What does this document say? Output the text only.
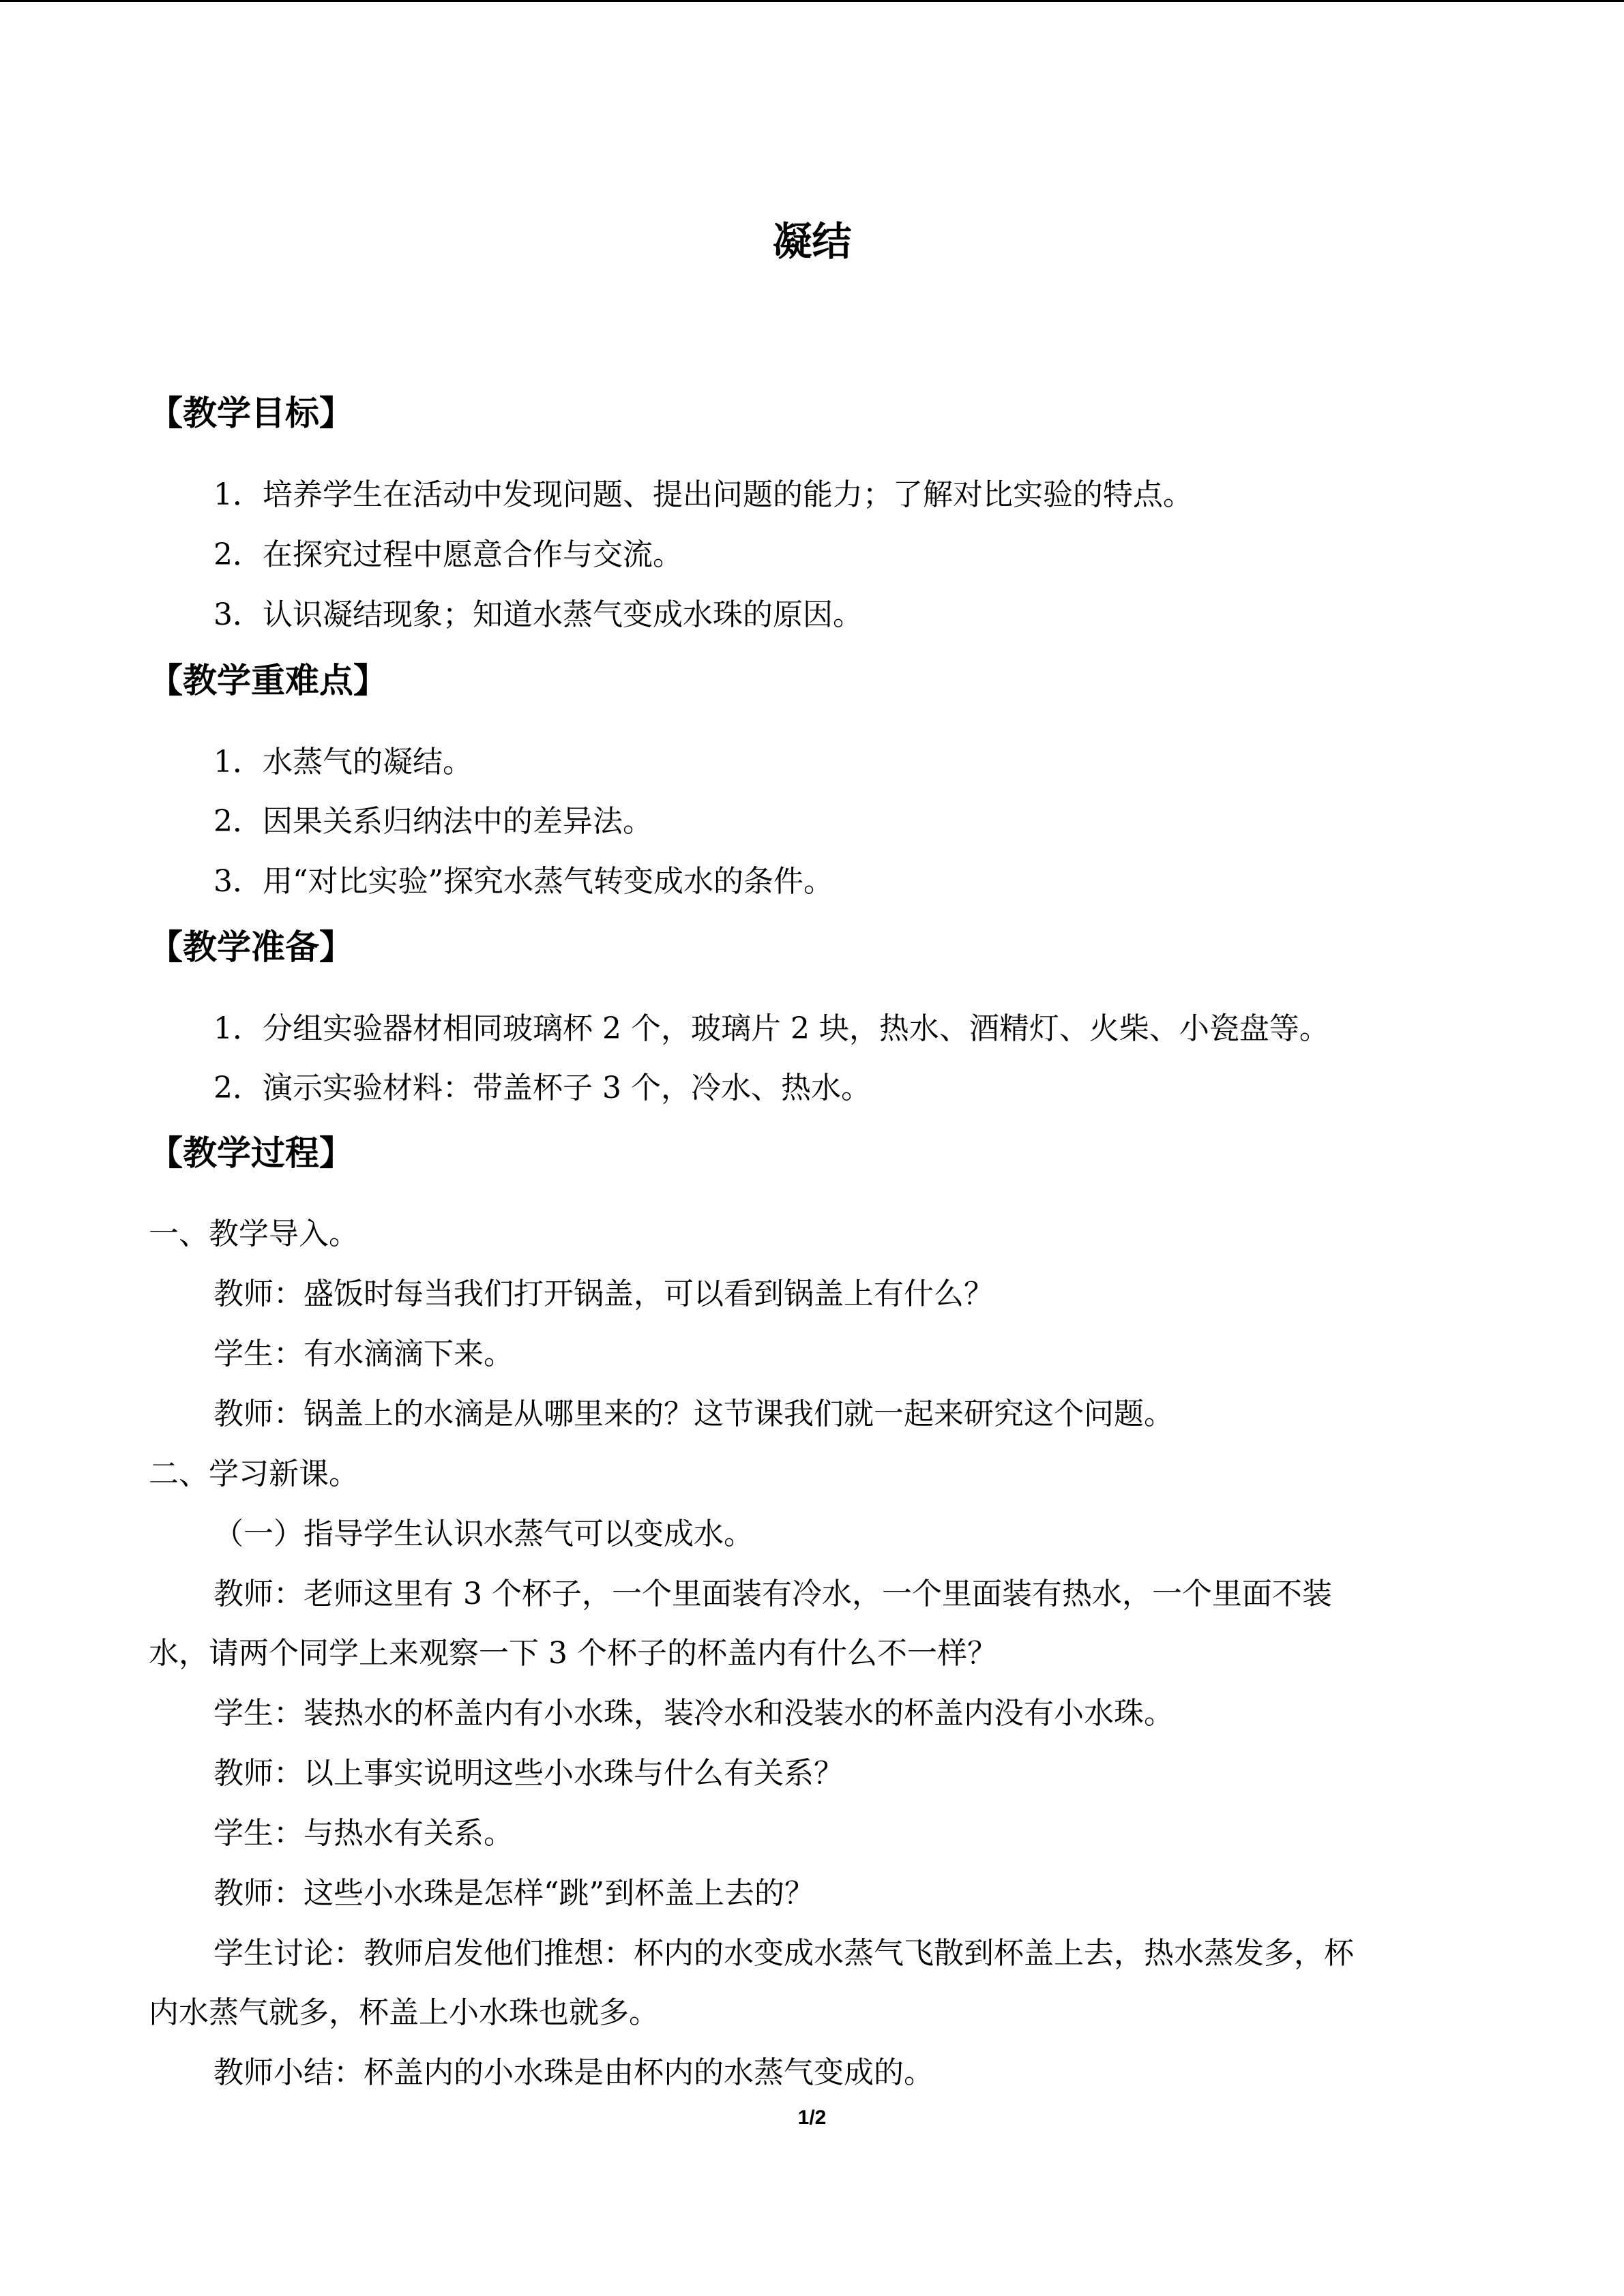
凝结
【教学目标】
1．培养学生在活动中发现问题、提出问题的能力；了解对比实验的特点。
2．在探究过程中愿意合作与交流。
3．认识凝结现象；知道水蒸气变成水珠的原因。
【教学重难点】
1．水蒸气的凝结。
2．因果关系归纳法中的差异法。
3．用“对比实验”探究水蒸气转变成水的条件。
【教学准备】
1．分组实验器材相同玻璃杯 2 个，玻璃片 2 块，热水、酒精灯、火柴、小瓷盘等。
2．演示实验材料：带盖杯子 3 个，冷水、热水。
【教学过程】
一、教学导入。
教师：盛饭时每当我们打开锅盖，可以看到锅盖上有什么？
学生：有水滴滴下来。
教师：锅盖上的水滴是从哪里来的？这节课我们就一起来研究这个问题。
二、学习新课。
（一）指导学生认识水蒸气可以变成水。
教师：老师这里有 3 个杯子，一个里面装有冷水，一个里面装有热水，一个里面不装
水，请两个同学上来观察一下 3 个杯子的杯盖内有什么不一样？
学生：装热水的杯盖内有小水珠，装冷水和没装水的杯盖内没有小水珠。
教师：以上事实说明这些小水珠与什么有关系？
学生：与热水有关系。
教师：这些小水珠是怎样“跳”到杯盖上去的？
学生讨论：教师启发他们推想：杯内的水变成水蒸气飞散到杯盖上去，热水蒸发多，杯
内水蒸气就多，杯盖上小水珠也就多。
教师小结：杯盖内的小水珠是由杯内的水蒸气变成的。
1/2
